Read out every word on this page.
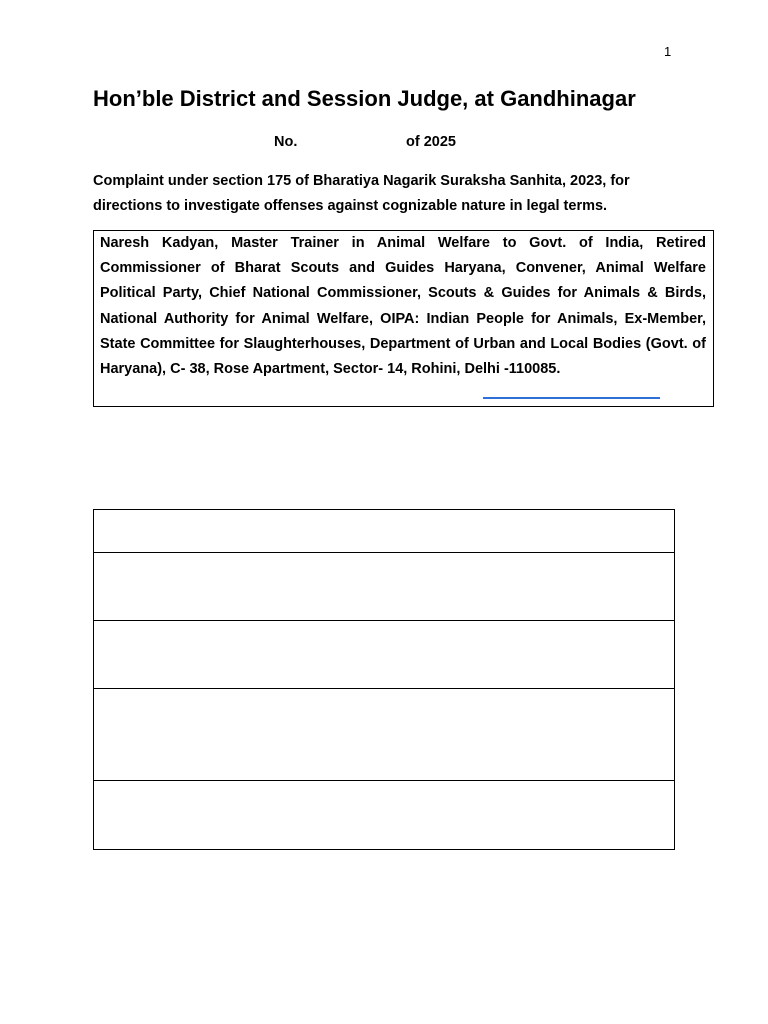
1
Hon’ble District and Session Judge, at Gandhinagar
No.	of 2025
Complaint under section 175 of Bharatiya Nagarik Suraksha Sanhita, 2023, for directions to investigate offenses against cognizable nature in legal terms.

Naresh Kadyan, Master Trainer in Animal Welfare to Govt. of India, Retired Commissioner of Bharat Scouts and Guides Haryana, Convener, Animal Welfare Political Party, Chief National Commissioner, Scouts & Guides for Animals & Birds, National Authority for Animal Welfare, OIPA: Indian People for Animals, Ex-Member, State Committee for Slaughterhouses, Department of Urban and Local Bodies (Govt. of Haryana), C- 38, Rose Apartment, Sector- 14, Rohini, Delhi -110085.
